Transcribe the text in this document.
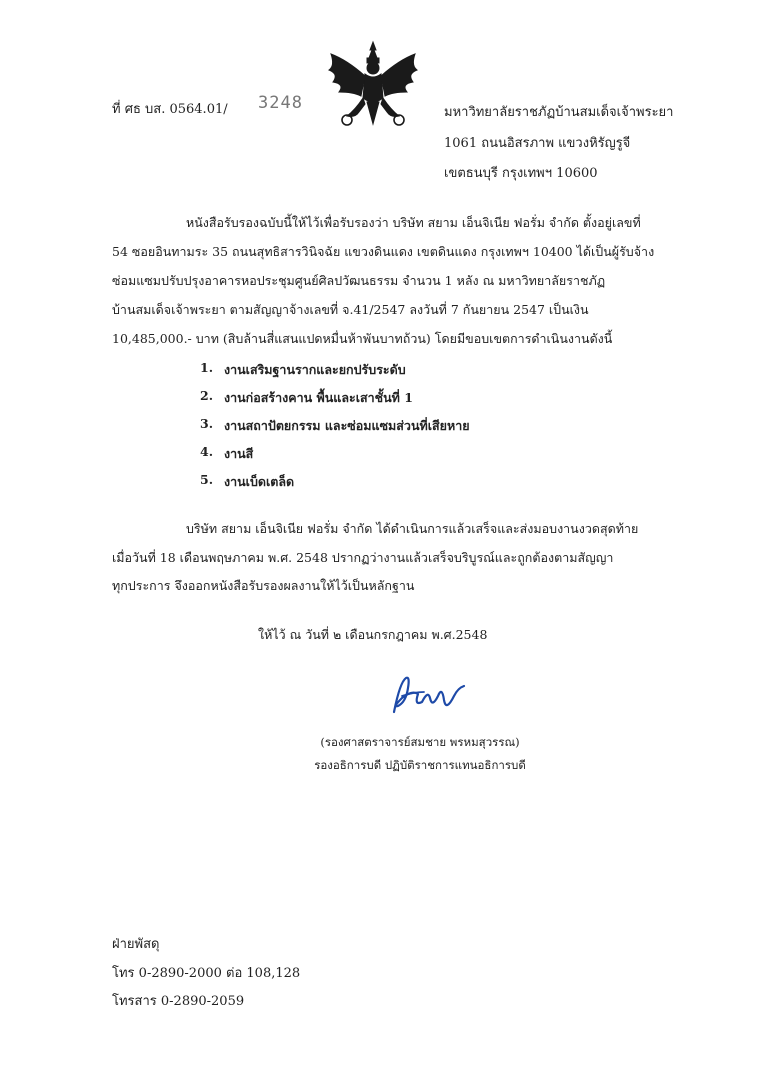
ที่ ศธ บส. 0564.01/ 3248	มหาวิทยาลัยราชภัฏบ้านสมเด็จเจ้าพระยา
1061 ถนนอิสรภาพ แขวงหิรัญรูจี
เขตธนบุรี กรุงเทพฯ 10600
หนังสือรับรองฉบับนี้ให้ไว้เพื่อรับรองว่า บริษัท สยาม เอ็นจิเนีย ฟอรั่ม จำกัด ตั้งอยู่เลขที่
54 ซอยอินทามระ 35 ถนนสุทธิสารวินิจฉัย แขวงดินแดง เขตดินแดง กรุงเทพฯ 10400 ได้เป็นผู้รับจ้าง
ซ่อมแซมปรับปรุงอาคารหอประชุมศูนย์ศิลปวัฒนธรรม จำนวน 1 หลัง ณ มหาวิทยาลัยราชภัฏ
บ้านสมเด็จเจ้าพระยา ตามสัญญาจ้างเลขที่ จ.41/2547 ลงวันที่ 7 กันยายน 2547 เป็นเงิน
10,485,000.- บาท (สิบล้านสี่แสนแปดหมื่นห้าพันบาทถ้วน) โดยมีขอบเขตการดำเนินงานดังนี้
1. งานเสริมฐานรากและยกปรับระดับ
2. งานก่อสร้างคาน พื้นและเสาชั้นที่ 1
3. งานสถาปัตยกรรม และซ่อมแซมส่วนที่เสียหาย
4. งานสี
5. งานเบ็ดเตล็ด
บริษัท สยาม เอ็นจิเนีย ฟอรั่ม จำกัด ได้ดำเนินการแล้วเสร็จและส่งมอบงานงวดสุดท้าย
เมื่อวันที่ 18 เดือนพฤษภาคม พ.ศ. 2548 ปรากฏว่างานแล้วเสร็จบริบูรณ์และถูกต้องตามสัญญา
ทุกประการ จึงออกหนังสือรับรองผลงานให้ไว้เป็นหลักฐาน
ให้ไว้ ณ วันที่ ๒ เดือนกรกฎาคม พ.ศ.2548
(รองศาสตราจารย์สมชาย พรหมสุวรรณ)
รองอธิการบดี ปฏิบัติราชการแทนอธิการบดี
ฝ่ายพัสดุ
โทร 0-2890-2000 ต่อ 108,128
โทรสาร 0-2890-2059
